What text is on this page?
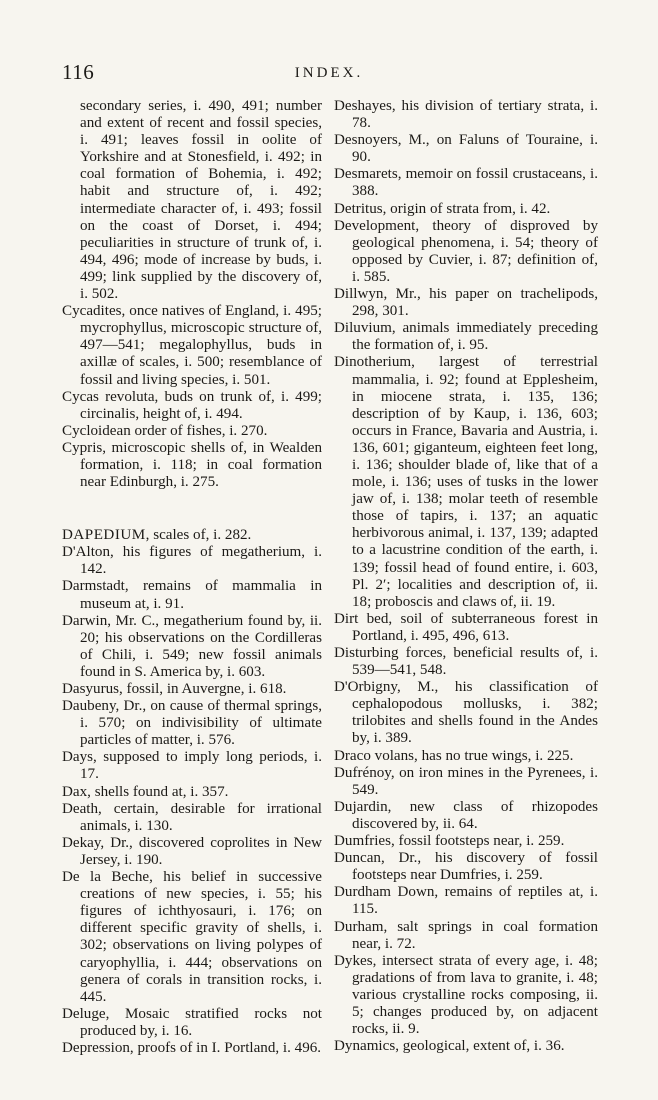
116	INDEX.

secondary series, i. 490, 491; number and extent of recent and fossil species, i. 491; leaves fossil in oolite of Yorkshire and at Stonesfield, i. 492; in coal formation of Bohemia, i. 492; habit and structure of, i. 492; intermediate character of, i. 493; fossil on the coast of Dorset, i. 494; peculiarities in structure of trunk of, i. 494, 496; mode of increase by buds, i. 499; link supplied by the discovery of, i. 502.

Cycadites, once natives of England, i. 495; mycrophyllus, microscopic structure of, 497—541; megalophyllus, buds in axillæ of scales, i. 500; resemblance of fossil and living species, i. 501.

Cycas revoluta, buds on trunk of, i. 499; circinalis, height of, i. 494.

Cycloidean order of fishes, i. 270.

Cypris, microscopic shells of, in Wealden formation, i. 118; in coal formation near Edinburgh, i. 275.

DAPEDIUM, scales of, i. 282.

D'Alton, his figures of megatherium, i. 142.

Darmstadt, remains of mammalia in museum at, i. 91.

Darwin, Mr. C., megatherium found by, ii. 20; his observations on the Cordilleras of Chili, i. 549; new fossil animals found in S. America by, i. 603.

Dasyurus, fossil, in Auvergne, i. 618.

Daubeny, Dr., on cause of thermal springs, i. 570; on indivisibility of ultimate particles of matter, i. 576.

Days, supposed to imply long periods, i. 17.

Dax, shells found at, i. 357.

Death, certain, desirable for irrational animals, i. 130.

Dekay, Dr., discovered coprolites in New Jersey, i. 190.

De la Beche, his belief in successive creations of new species, i. 55; his figures of ichthyosauri, i. 176; on different specific gravity of shells, i. 302; observations on living polypes of caryophyllia, i. 444; observations on genera of corals in transition rocks, i. 445.

Deluge, Mosaic stratified rocks not produced by, i. 16.

Depression, proofs of in I. Portland, i. 496.

Deshayes, his division of tertiary strata, i. 78.

Desnoyers, M., on Faluns of Touraine, i. 90.

Desmarets, memoir on fossil crustaceans, i. 388.

Detritus, origin of strata from, i. 42.

Development, theory of disproved by geological phenomena, i. 54; theory of opposed by Cuvier, i. 87; definition of, i. 585.

Dillwyn, Mr., his paper on trachelipods, 298, 301.

Diluvium, animals immediately preceding the formation of, i. 95.

Dinotherium, largest of terrestrial mammalia, i. 92; found at Epplesheim, in miocene strata, i. 135, 136; description of by Kaup, i. 136, 603; occurs in France, Bavaria and Austria, i. 136, 601; giganteum, eighteen feet long, i. 136; shoulder blade of, like that of a mole, i. 136; uses of tusks in the lower jaw of, i. 138; molar teeth of resemble those of tapirs, i. 137; an aquatic herbivorous animal, i. 137, 139; adapted to a lacustrine condition of the earth, i. 139; fossil head of found entire, i. 603, Pl. 2′; localities and description of, ii. 18; proboscis and claws of, ii. 19.

Dirt bed, soil of subterraneous forest in Portland, i. 495, 496, 613.

Disturbing forces, beneficial results of, i. 539—541, 548.

D'Orbigny, M., his classification of cephalopodous mollusks, i. 382; trilobites and shells found in the Andes by, i. 389.

Draco volans, has no true wings, i. 225.

Dufrénoy, on iron mines in the Pyrenees, i. 549.

Dujardin, new class of rhizopodes discovered by, ii. 64.

Dumfries, fossil footsteps near, i. 259.

Duncan, Dr., his discovery of fossil footsteps near Dumfries, i. 259.

Durdham Down, remains of reptiles at, i. 115.

Durham, salt springs in coal formation near, i. 72.

Dykes, intersect strata of every age, i. 48; gradations of from lava to granite, i. 48; various crystalline rocks composing, ii. 5; changes produced by, on adjacent rocks, ii. 9.

Dynamics, geological, extent of, i. 36.
